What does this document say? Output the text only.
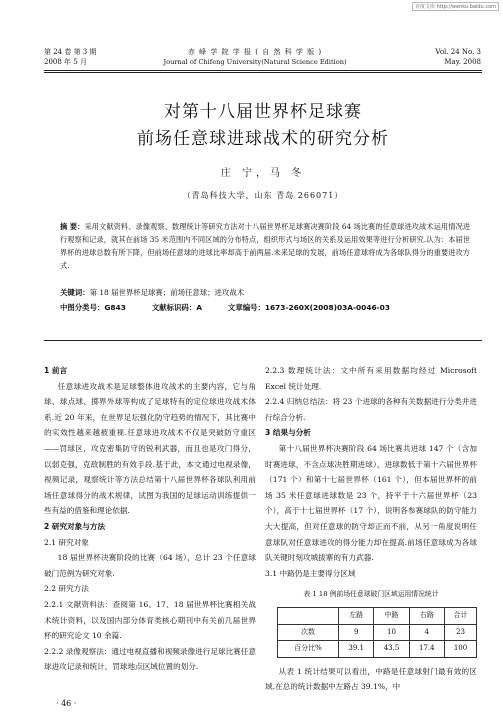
百度文库 http://wenku.baidu.com
第 24 卷 第 3 期
2008 年 5 月
赤 峰 学 院 学 报 ( 自 然 科 学 版 )
Journal of Chifeng University(Natural Science Edition)
Vol. 24 No. 3
May. 2008
对第十八届世界杯足球赛
前场任意球进球战术的研究分析
庄 宁，马 冬
（青岛科技大学，山东 青岛 266071）
摘 要：采用文献资料、录像观察、数理统计等研究方法对十八届世界杯足球赛决赛阶段 64 场比赛的任意球进攻战术运用情况进行观察和记录，就其在前场 35 米范围内不同区域的分布特点，组织形式与场区的关系及运用效果等进行分析研究.认为：本届世界杯的进球总数有所下降，但前场任意球的进球比率却高于前两届.未来足球的发展，前场任意球将成为各球队得分的重要进攻方式.
关键词：第 18 届世界杯足球赛；前场任意球；进攻战术
中图分类号：G843	文献标识码：A	文章编号：1673-260X(2008)03A-0046-03

1 前言

任意球进攻战术是足球整体进攻战术的主要内容，它与角球、球点球、掷界外球等构成了足球特有的定位球进攻战术体系.近 20 年来，在世界足坛强化防守趋势的情况下，其比赛中的实效性越来越被重视.任意球进攻战术不仅是突破防守重区——罚球区，攻克密集防守的锐利武器，而且也是攻门得分，以弱克强，克敌制胜的有效手段.基于此，本文通过电视录像，视频记录，观察统计等方法总结第十八届世界杯各球队利用前场任意球得分的战术规律，试图为我国的足球运动训练提供一些有益的借鉴和理论依据.

2 研究对象与方法

2.1 研究对象

18 届世界杯决赛阶段的比赛（64 场），总计 23 个任意球破门范例为研究对象.

2.2 研究方法

2.2.1 文献资料法：查阅第 16、17、18 届世界杯比赛相关战术统计资料，以及国内部分体育类核心期刊中有关前几届世界杯的研究论文 10 余篇.

2.2.2 录像观察法：通过电视直播和视频录像进行足球比赛任意球进攻记录和统计，罚球地点区域位置的划分.

2.2.3 数理统计法：文中所有采用数据均经过 Microsoft Excel 统计处理.

2.2.4 归纳总结法：将 23 个进球的各种有关数据进行分类并进行综合分析.

3 结果与分析

第十八届世界杯决赛阶段 64 场比赛共进球 147 个（含加时赛进球，不含点球决胜期进球），进球数低于第十六届世界杯（171 个）和第十七届世界杯（161 个），但本届世界杯的前场 35 米任意球进球数是 23 个，持平于十六届世界杯（23 个），高于十七届世界杯（17 个），说明各参赛球队的防守能力大大提高，但对任意球的防守却正而不前，从另一角度说明任意球队对任意球进攻的得分能力却在提高.前场任意球成为各球队关键时刻攻城拔寨的有力武器.

3.1 中路仍是主要得分区域

表 1 18 例前场任意球破门区域运用情况统计
	左路	中路	右路	合计
次数	9	10	4	23
百分比%	39.1	43.5	17.4	100

从表 1 统计结果可以看出，中路是任意球射门最有效的区域.在总的统计数据中左路占 39.1%，中

· 46 ·
